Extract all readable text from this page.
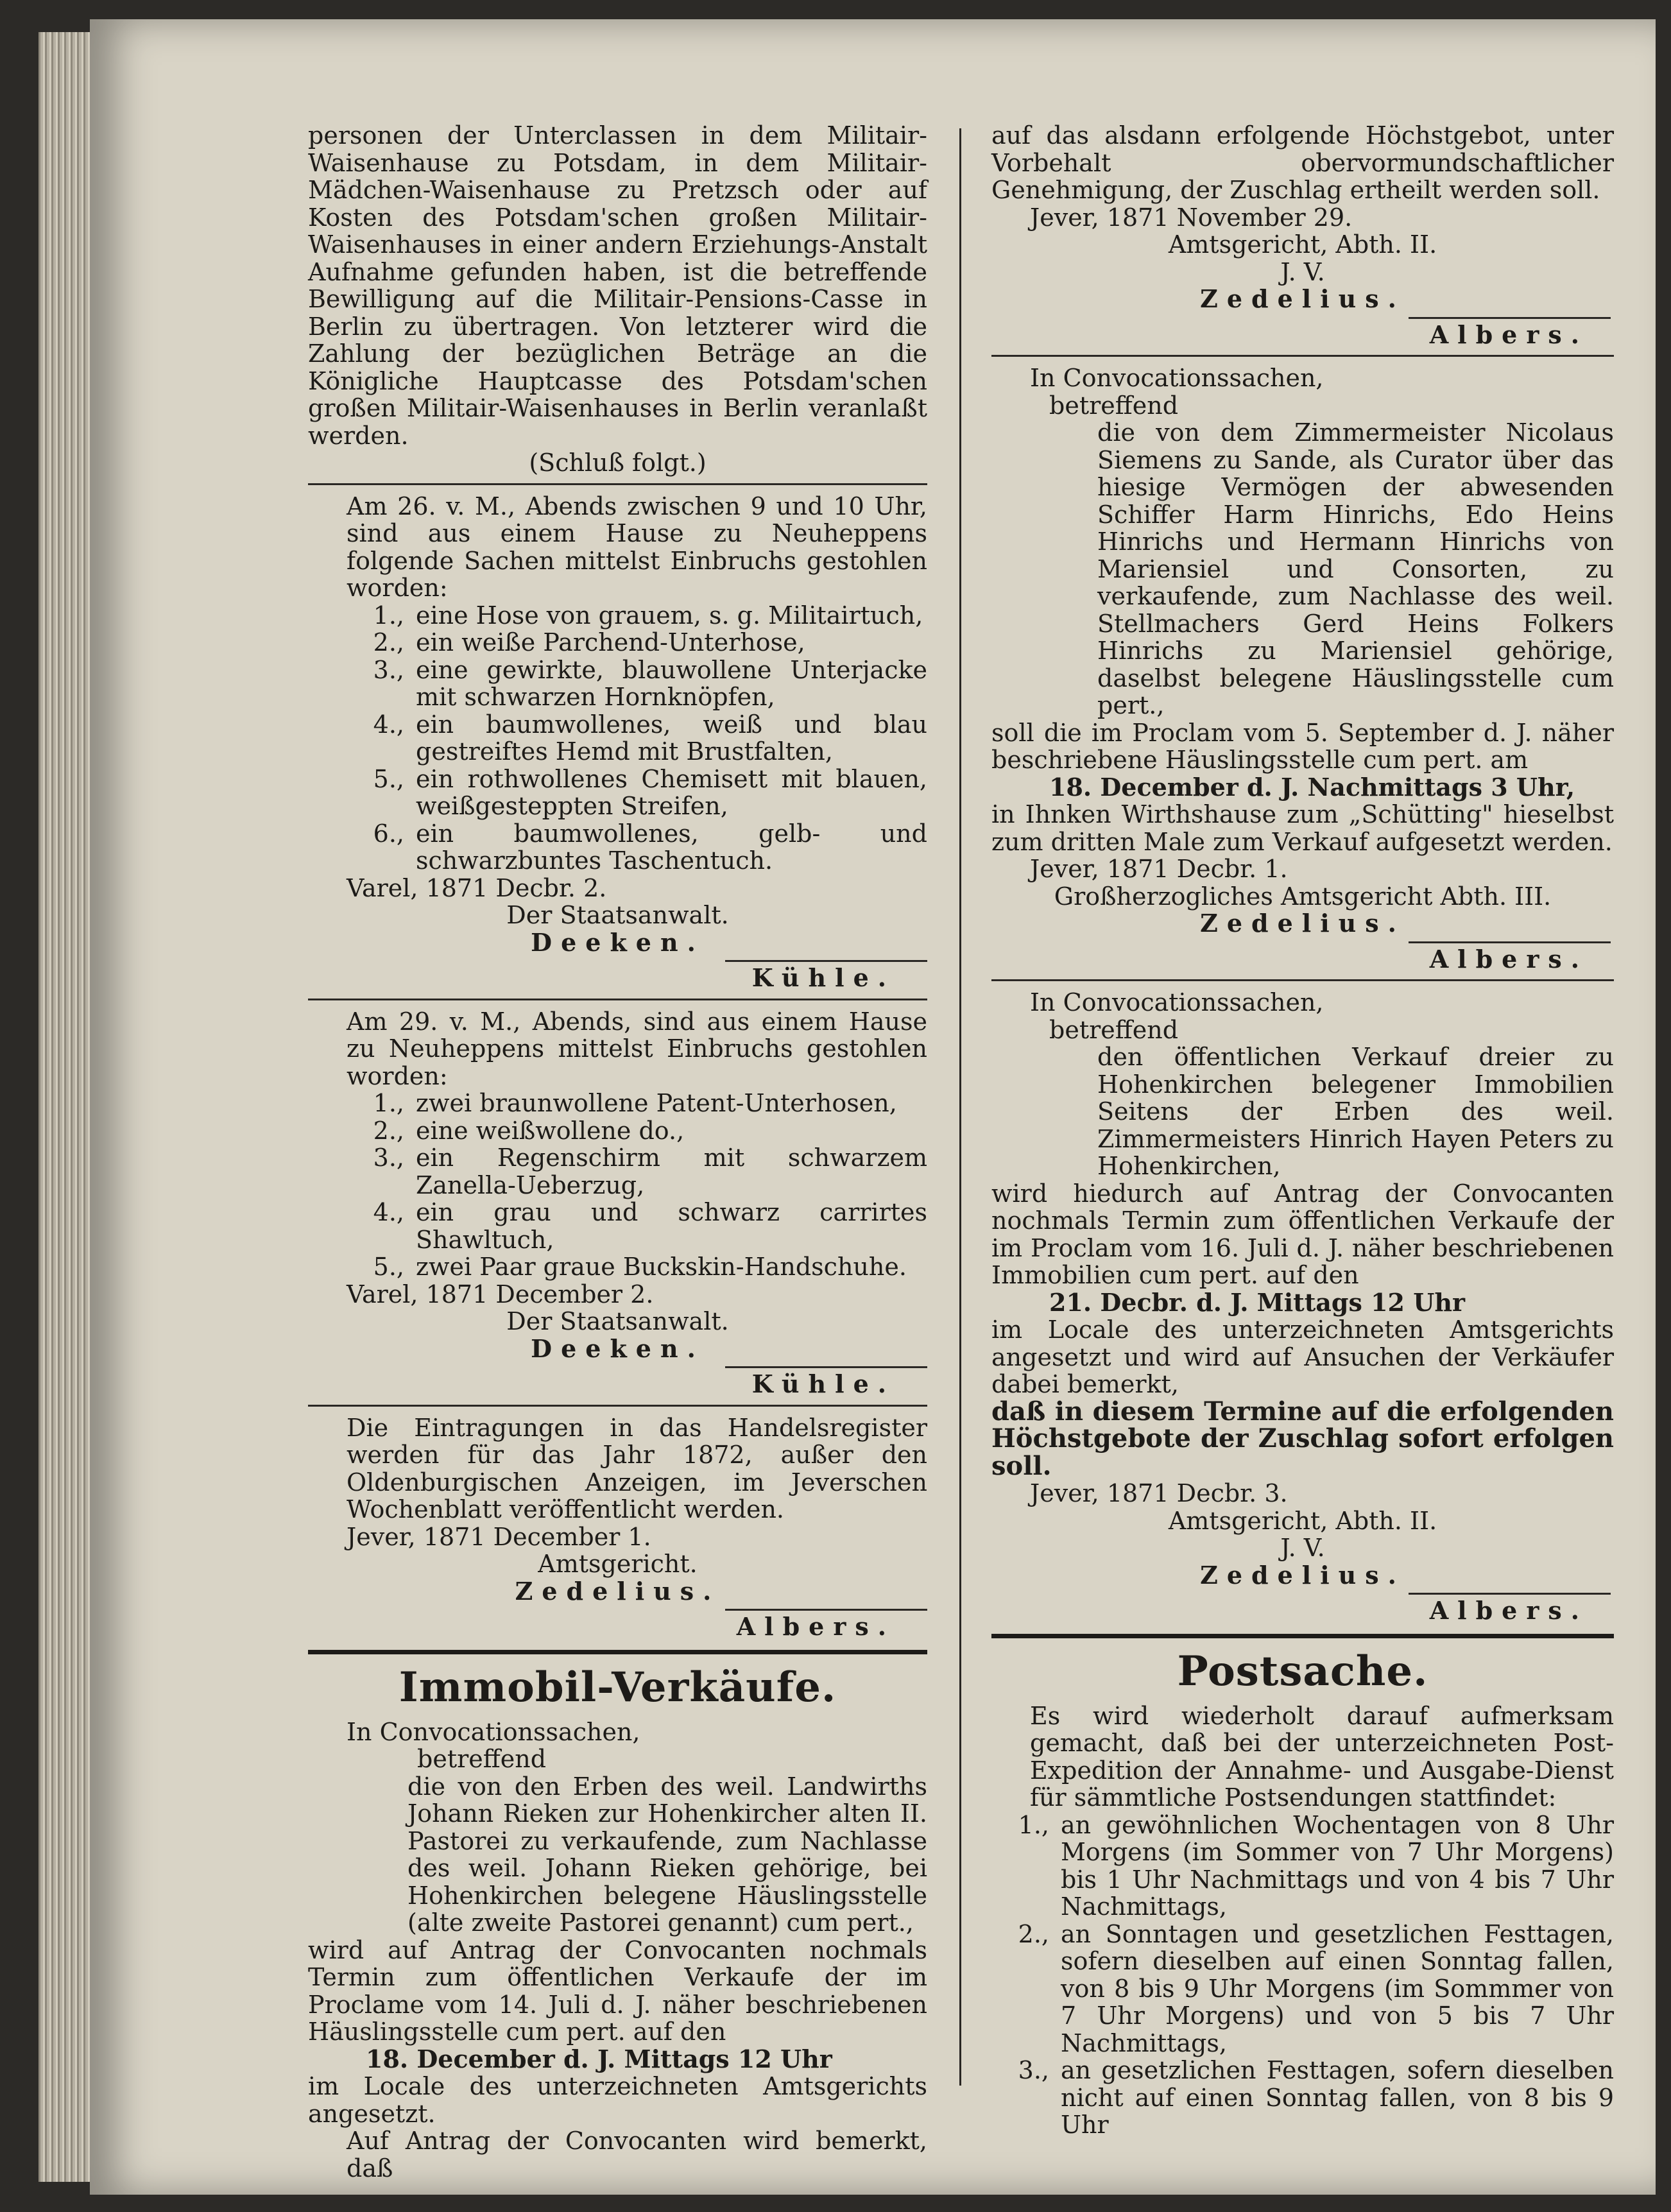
personen der Unterclassen in dem Militair-Waisenhause zu Potsdam, in dem Militair-Mädchen-Waisenhause zu Pretzsch oder auf Kosten des Potsdam'schen großen Militair-Waisenhauses in einer andern Erziehungs-Anstalt Aufnahme gefunden haben, ist die betreffende Bewilligung auf die Militair-Pensions-Casse in Berlin zu übertragen. Von letzterer wird die Zahlung der bezüglichen Beträge an die Königliche Hauptcasse des Potsdam'schen großen Militair-Waisenhauses in Berlin veranlaßt werden.

(Schluß folgt.)

Am 26. v. M., Abends zwischen 9 und 10 Uhr, sind aus einem Hause zu Neuheppens folgende Sachen mittelst Einbruchs gestohlen worden:

1., eine Hose von grauem, s. g. Militairtuch,
2., ein weiße Parchend-Unterhose,
3., eine gewirkte, blauwollene Unterjacke mit schwarzen Hornknöpfen,
4., ein baumwollenes, weiß und blau gestreiftes Hemd mit Brustfalten,
5., ein rothwollenes Chemisett mit blauen, weißgesteppten Streifen,
6., ein baumwollenes, gelb- und schwarzbuntes Taschentuch.

Varel, 1871 Decbr. 2.

Der Staatsanwalt.

Deeken.

Kühle.

Am 29. v. M., Abends, sind aus einem Hause zu Neuheppens mittelst Einbruchs gestohlen worden:

1., zwei braunwollene Patent-Unterhosen,
2., eine weißwollene do.,
3., ein Regenschirm mit schwarzem Zanella-Ueberzug,
4., ein grau und schwarz carrirtes Shawltuch,
5., zwei Paar graue Buckskin-Handschuhe.

Varel, 1871 December 2.

Der Staatsanwalt.

Deeken.

Kühle.

Die Eintragungen in das Handelsregister werden für das Jahr 1872, außer den Oldenburgischen Anzeigen, im Jeverschen Wochenblatt veröffentlicht werden.

Jever, 1871 December 1.

Amtsgericht.

Zedelius.

Albers.

Immobil-Verkäufe.

In Convocationssachen,

betreffend

die von den Erben des weil. Landwirths Johann Rieken zur Hohenkircher alten II. Pastorei zu verkaufende, zum Nachlasse des weil. Johann Rieken gehörige, bei Hohenkirchen belegene Häuslingsstelle (alte zweite Pastorei genannt) cum pert.,

wird auf Antrag der Convocanten nochmals Termin zum öffentlichen Verkaufe der im Proclame vom 14. Juli d. J. näher beschriebenen Häuslingsstelle cum pert. auf den

18. December d. J. Mittags 12 Uhr

im Locale des unterzeichneten Amtsgerichts angesetzt.

Auf Antrag der Convocanten wird bemerkt, daß

auf das alsdann erfolgende Höchstgebot, unter Vorbehalt obervormundschaftlicher Genehmigung, der Zuschlag ertheilt werden soll.

Jever, 1871 November 29.

Amtsgericht, Abth. II.

J. V.

Zedelius.

Albers.

In Convocationssachen,

betreffend

die von dem Zimmermeister Nicolaus Siemens zu Sande, als Curator über das hiesige Vermögen der abwesenden Schiffer Harm Hinrichs, Edo Heins Hinrichs und Hermann Hinrichs von Mariensiel und Consorten, zu verkaufende, zum Nachlasse des weil. Stellmachers Gerd Heins Folkers Hinrichs zu Mariensiel gehörige, daselbst belegene Häuslingsstelle cum pert.,

soll die im Proclam vom 5. September d. J. näher beschriebene Häuslingsstelle cum pert. am

18. December d. J. Nachmittags 3 Uhr,

in Ihnken Wirthshause zum „Schütting" hieselbst zum dritten Male zum Verkauf aufgesetzt werden.

Jever, 1871 Decbr. 1.

Großherzogliches Amtsgericht Abth. III.

Zedelius.

Albers.

In Convocationssachen,

betreffend

den öffentlichen Verkauf dreier zu Hohenkirchen belegener Immobilien Seitens der Erben des weil. Zimmermeisters Hinrich Hayen Peters zu Hohenkirchen,

wird hiedurch auf Antrag der Convocanten nochmals Termin zum öffentlichen Verkaufe der im Proclam vom 16. Juli d. J. näher beschriebenen Immobilien cum pert. auf den

21. Decbr. d. J. Mittags 12 Uhr

im Locale des unterzeichneten Amtsgerichts angesetzt und wird auf Ansuchen der Verkäufer dabei bemerkt,

daß in diesem Termine auf die erfolgenden Höchstgebote der Zuschlag sofort erfolgen soll.

Jever, 1871 Decbr. 3.

Amtsgericht, Abth. II.

J. V.

Zedelius.

Albers.

Postsache.

Es wird wiederholt darauf aufmerksam gemacht, daß bei der unterzeichneten Post-Expedition der Annahme- und Ausgabe-Dienst für sämmtliche Postsendungen stattfindet:

1., an gewöhnlichen Wochentagen von 8 Uhr Morgens (im Sommer von 7 Uhr Morgens) bis 1 Uhr Nachmittags und von 4 bis 7 Uhr Nachmittags,
2., an Sonntagen und gesetzlichen Festtagen, sofern dieselben auf einen Sonntag fallen, von 8 bis 9 Uhr Morgens (im Sommmer von 7 Uhr Morgens) und von 5 bis 7 Uhr Nachmittags,
3., an gesetzlichen Festtagen, sofern dieselben nicht auf einen Sonntag fallen, von 8 bis 9 Uhr
